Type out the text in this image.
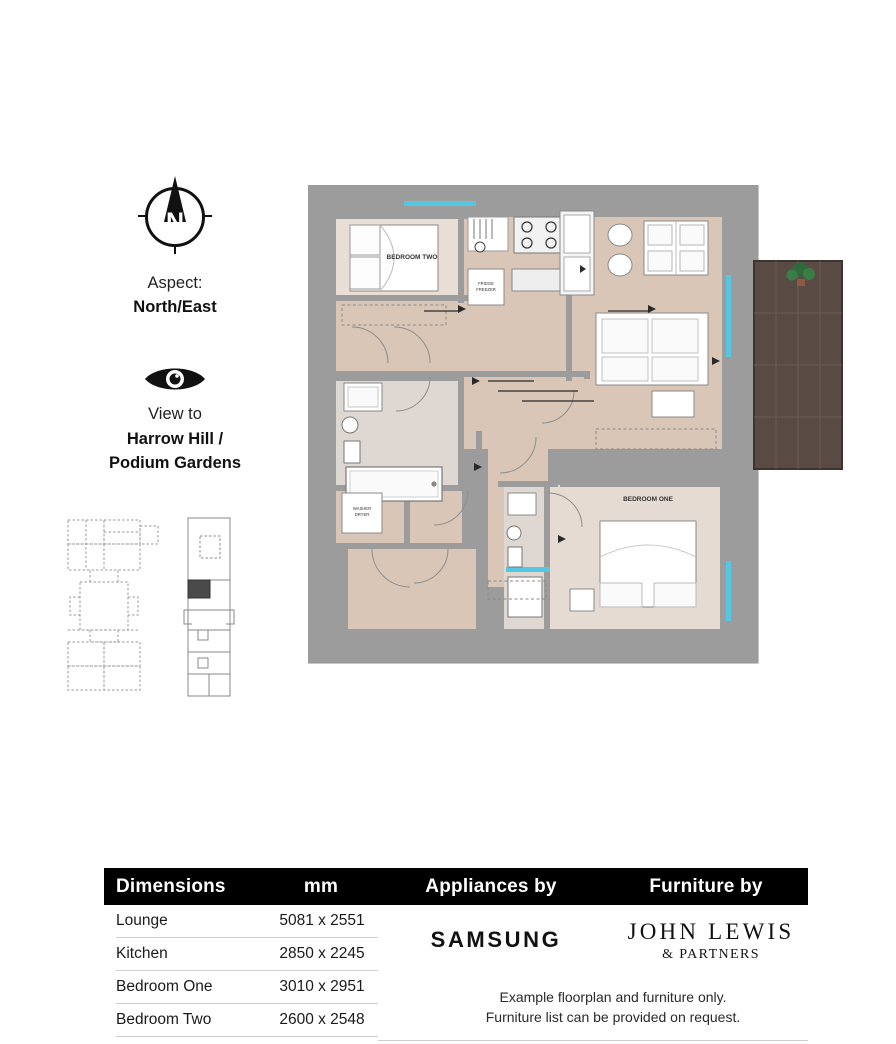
N
Aspect:
North/East
View to
Harrow Hill /
Podium Gardens
BEDROOM TWO
FRIDGE
FREEZER
WASHER
DRYER
BEDROOM ONE
Dimensions	mm	Appliances by	Furniture by
Lounge	5081 x 2551
Kitchen	2850 x 2245
Bedroom One	3010 x 2951
Bedroom Two	2600 x 2548
SAMSUNG	JOHN LEWIS
& PARTNERS
Example floorplan and furniture only.
Furniture list can be provided on request.
